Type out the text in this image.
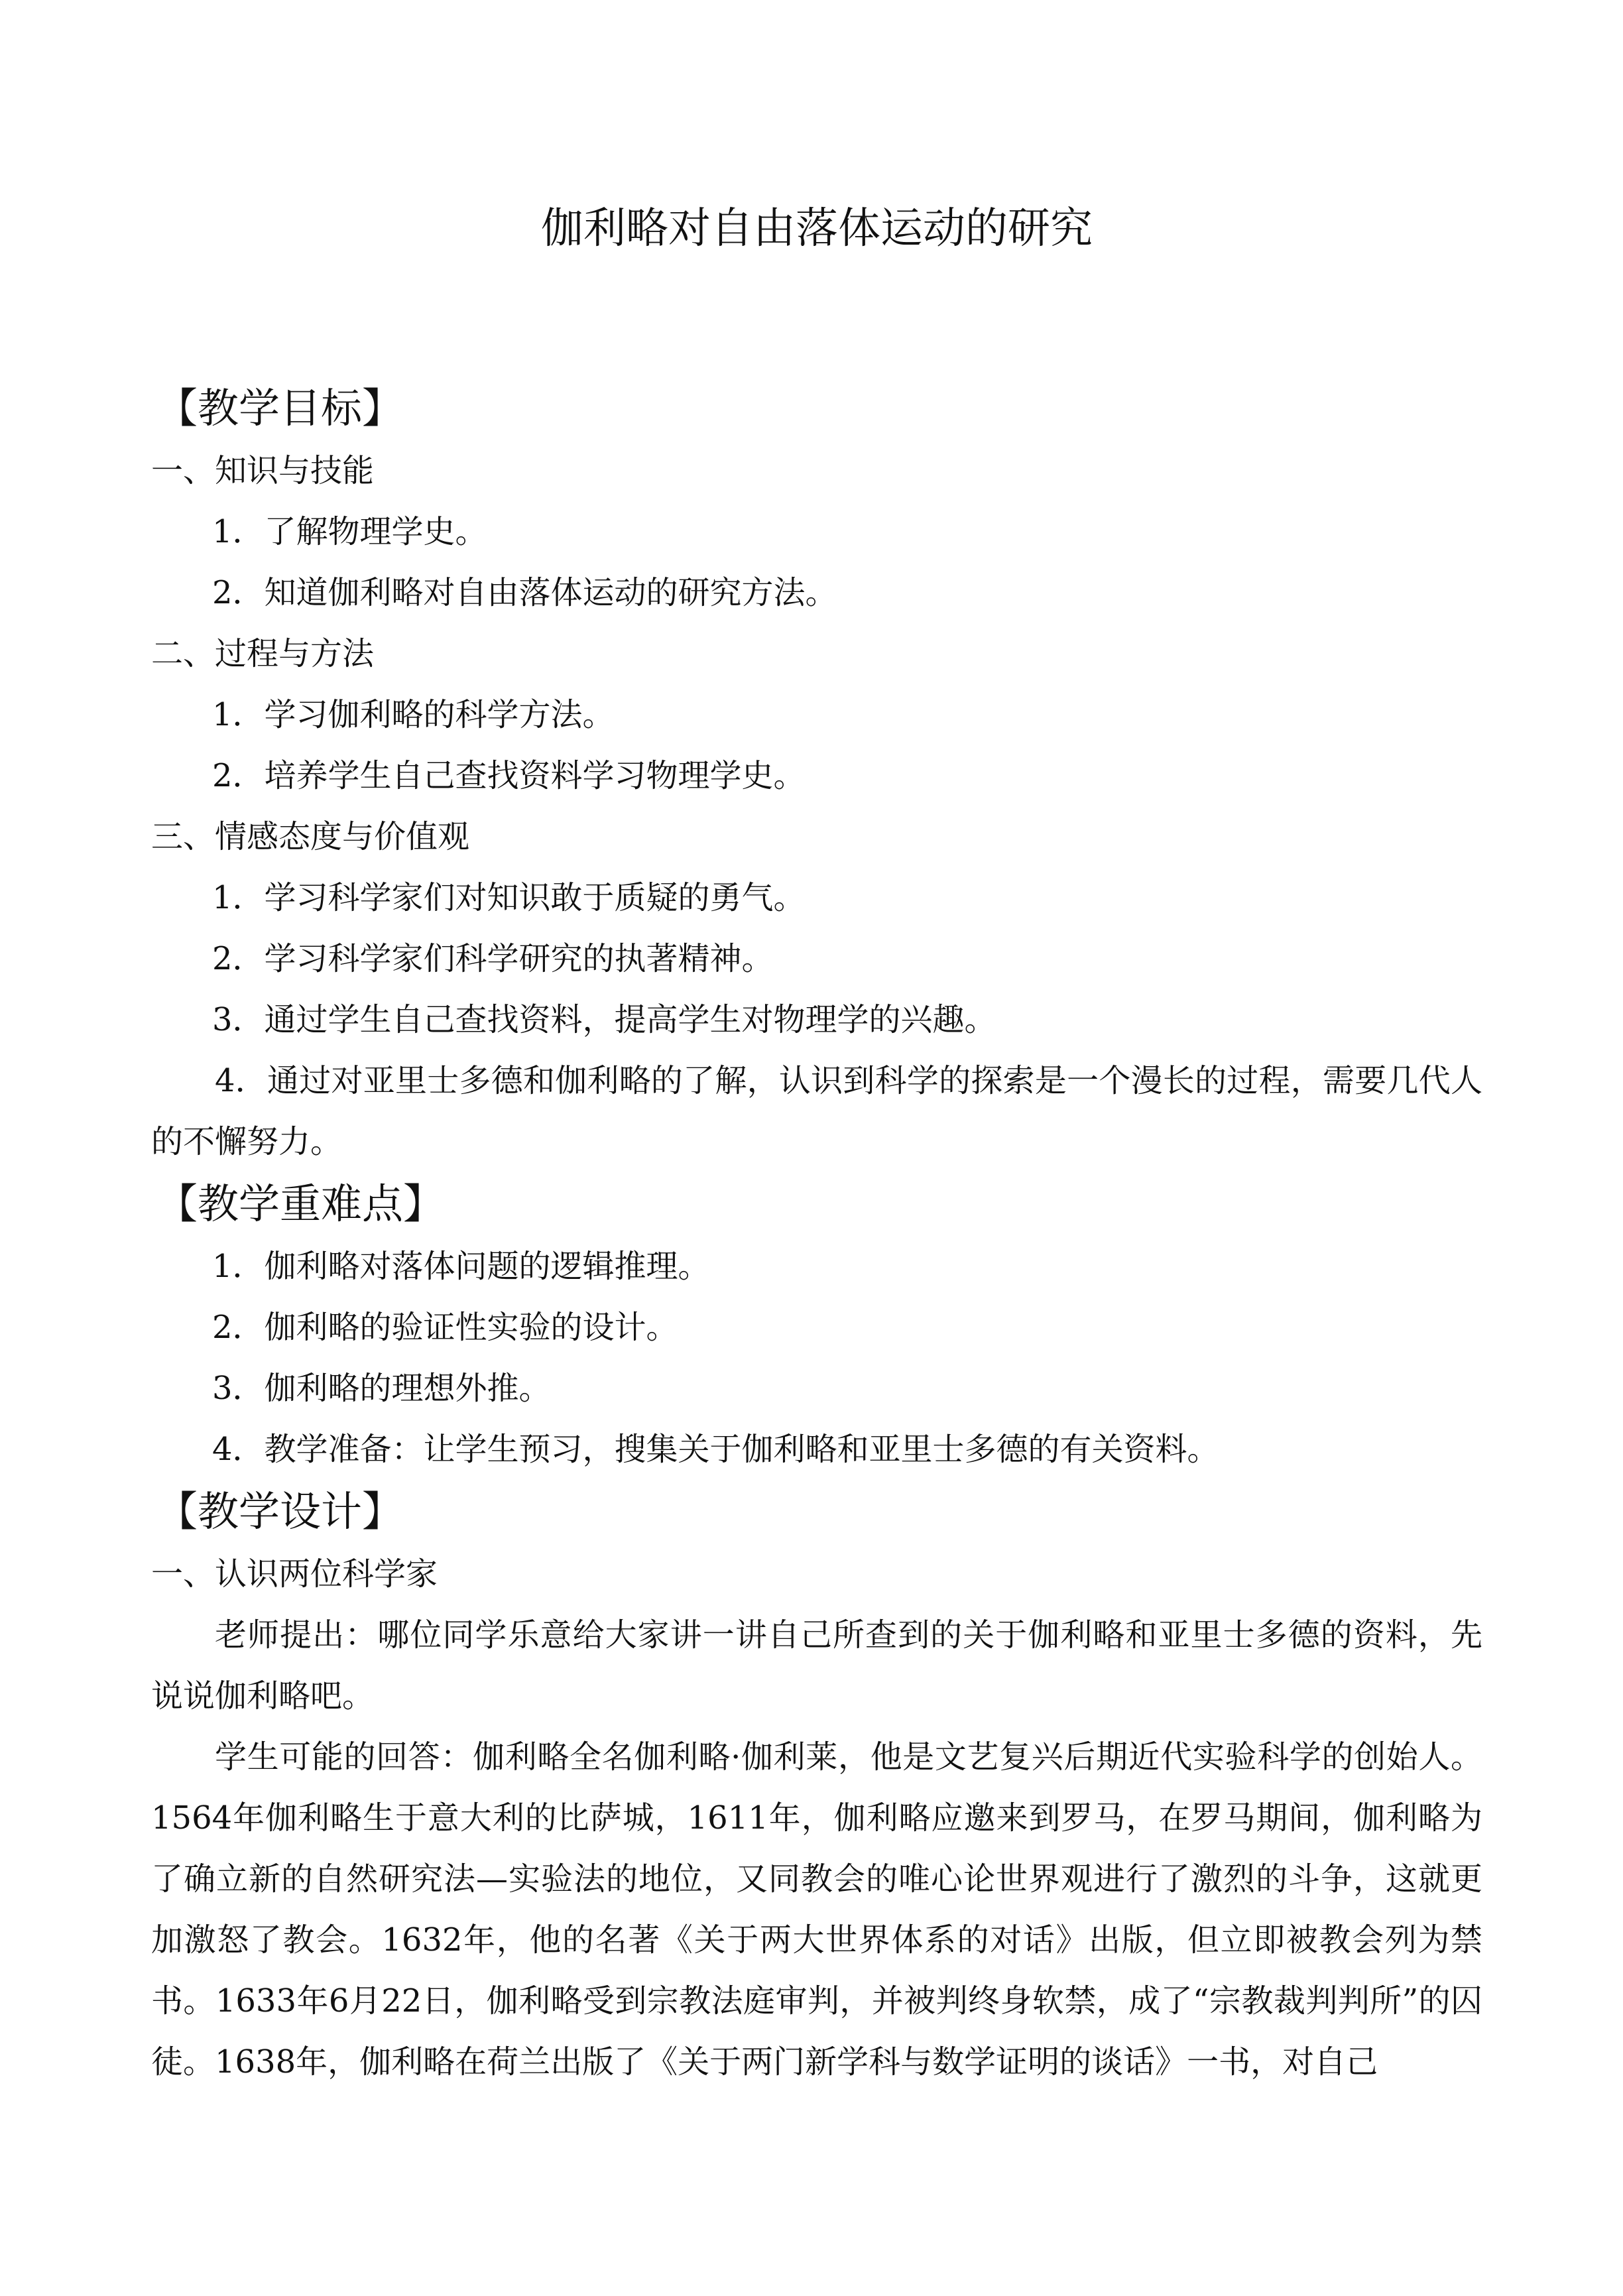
伽利略对自由落体运动的研究
【教学目标】

一、知识与技能

1．了解物理学史。

2．知道伽利略对自由落体运动的研究方法。

二、过程与方法

1．学习伽利略的科学方法。

2．培养学生自己查找资料学习物理学史。

三、情感态度与价值观

1．学习科学家们对知识敢于质疑的勇气。

2．学习科学家们科学研究的执著精神。

3．通过学生自己查找资料，提高学生对物理学的兴趣。

4．通过对亚里士多德和伽利略的了解，认识到科学的探索是一个漫长的过程，需要几代人的不懈努力。

【教学重难点】

1．伽利略对落体问题的逻辑推理。

2．伽利略的验证性实验的设计。

3．伽利略的理想外推。

4．教学准备：让学生预习，搜集关于伽利略和亚里士多德的有关资料。

【教学设计】

一、认识两位科学家

老师提出：哪位同学乐意给大家讲一讲自己所查到的关于伽利略和亚里士多德的资料，先说说伽利略吧。

学生可能的回答：伽利略全名伽利略·伽利莱，他是文艺复兴后期近代实验科学的创始人。1564年伽利略生于意大利的比萨城，1611年，伽利略应邀来到罗马，在罗马期间，伽利略为了确立新的自然研究法—实验法的地位，又同教会的唯心论世界观进行了激烈的斗争，这就更加激怒了教会。1632年，他的名著《关于两大世界体系的对话》出版，但立即被教会列为禁书。1633年6月22日，伽利略受到宗教法庭审判，并被判终身软禁，成了“宗教裁判判所”的囚徒。1638年，伽利略在荷兰出版了《关于两门新学科与数学证明的谈话》一书，对自己
